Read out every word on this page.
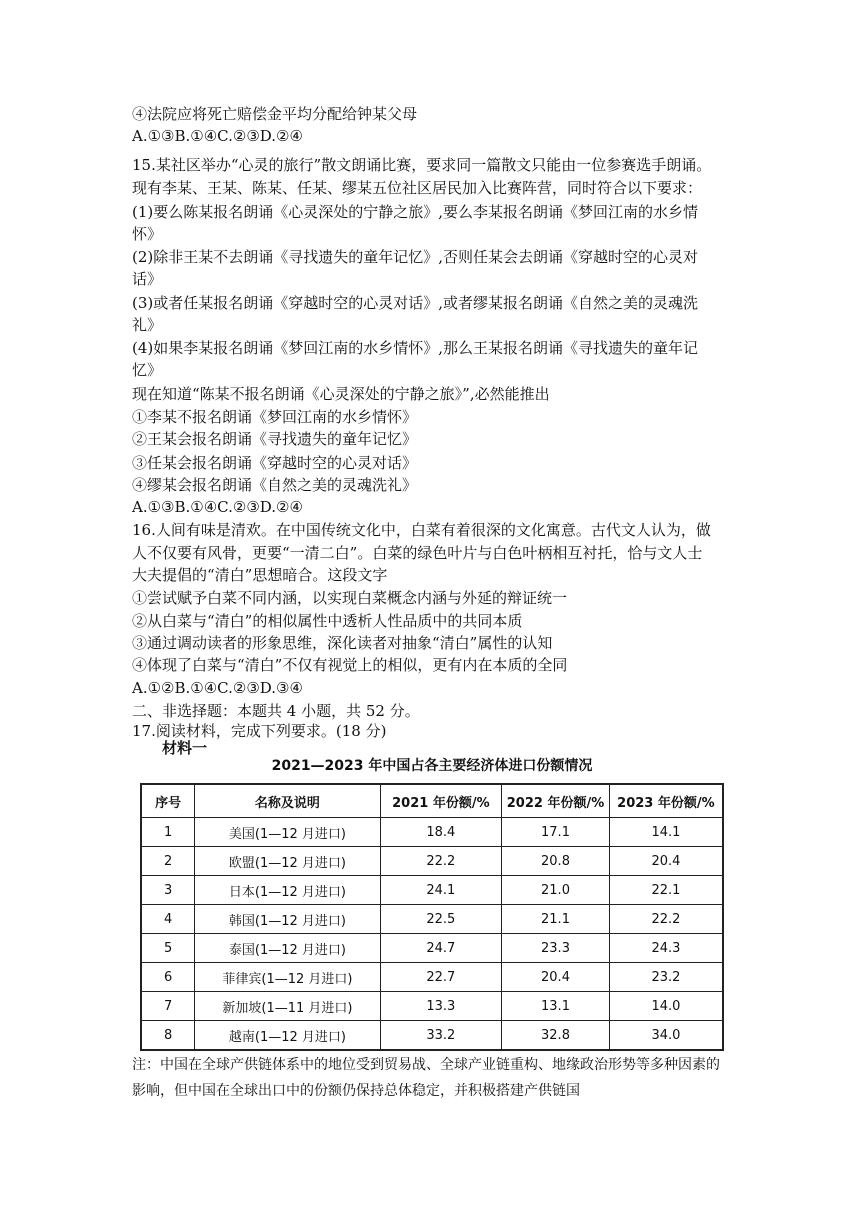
④法院应将死亡赔偿金平均分配给钟某父母
A.①③B.①④C.②③D.②④
15.某社区举办“心灵的旅行”散文朗诵比赛，要求同一篇散文只能由一位参赛选手朗诵。
现有李某、王某、陈某、任某、缪某五位社区居民加入比赛阵营，同时符合以下要求：
(1)要么陈某报名朗诵《心灵深处的宁静之旅》,要么李某报名朗诵《梦回江南的水乡情
怀》
(2)除非王某不去朗诵《寻找遗失的童年记忆》,否则任某会去朗诵《穿越时空的心灵对
话》
(3)或者任某报名朗诵《穿越时空的心灵对话》,或者缪某报名朗诵《自然之美的灵魂洗
礼》
(4)如果李某报名朗诵《梦回江南的水乡情怀》,那么王某报名朗诵《寻找遗失的童年记
忆》
现在知道“陈某不报名朗诵《心灵深处的宁静之旅》”,必然能推出
①李某不报名朗诵《梦回江南的水乡情怀》
②王某会报名朗诵《寻找遗失的童年记忆》
③任某会报名朗诵《穿越时空的心灵对话》
④缪某会报名朗诵《自然之美的灵魂洗礼》
A.①③B.①④C.②③D.②④
16.人间有味是清欢。在中国传统文化中，白菜有着很深的文化寓意。古代文人认为，做
人不仅要有风骨，更要“一清二白”。白菜的绿色叶片与白色叶柄相互衬托，恰与文人士
大夫提倡的“清白”思想暗合。这段文字
①尝试赋予白菜不同内涵，以实现白菜概念内涵与外延的辩证统一
②从白菜与“清白”的相似属性中透析人性品质中的共同本质
③通过调动读者的形象思维，深化读者对抽象“清白”属性的认知
④体现了白菜与“清白”不仅有视觉上的相似，更有内在本质的全同
A.①②B.①④C.②③D.③④
二、非选择题：本题共 4 小题，共 52 分。
17.阅读材料，完成下列要求。(18 分)
材料一
2021—2023 年中国占各主要经济体进口份额情况
序号	名称及说明	2021 年份额/%	2022 年份额/%	2023 年份额/%
1	美国(1—12 月进口)	18.4	17.1	14.1
2	欧盟(1—12 月进口)	22.2	20.8	20.4
3	日本(1—12 月进口)	24.1	21.0	22.1
4	韩国(1—12 月进口)	22.5	21.1	22.2
5	泰国(1—12 月进口)	24.7	23.3	24.3
6	菲律宾(1—12 月进口)	22.7	20.4	23.2
7	新加坡(1—11 月进口)	13.3	13.1	14.0
8	越南(1—12 月进口)	33.2	32.8	34.0
注：中国在全球产供链体系中的地位受到贸易战、全球产业链重构、地缘政治形势等多种因素的影响，但中国在全球出口中的份额仍保持总体稳定，并积极搭建产供链国
